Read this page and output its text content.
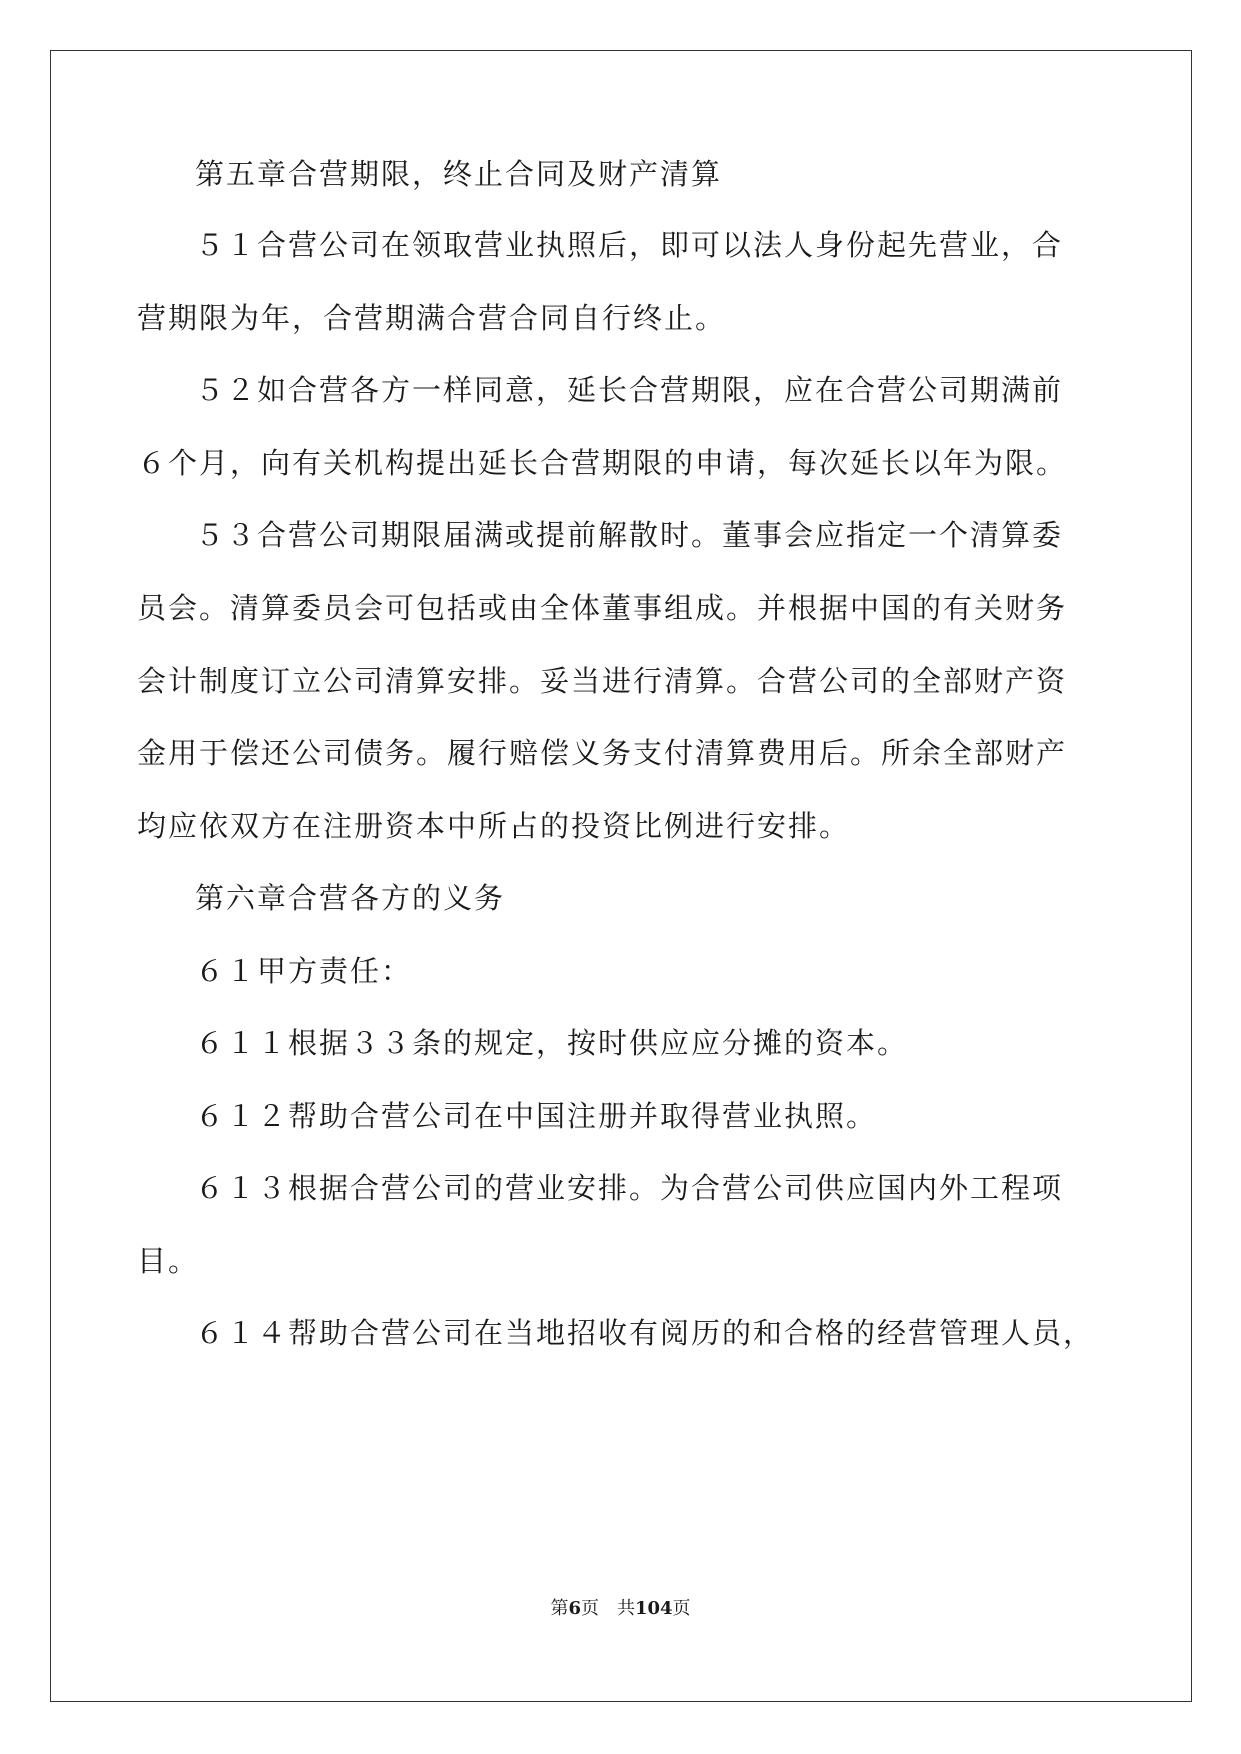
第五章合营期限，终止合同及财产清算
５１合营公司在领取营业执照后，即可以法人身份起先营业，合
营期限为年，合营期满合营合同自行终止。
５２如合营各方一样同意，延长合营期限，应在合营公司期满前
６个月，向有关机构提出延长合营期限的申请，每次延长以年为限。
５３合营公司期限届满或提前解散时。董事会应指定一个清算委
员会。清算委员会可包括或由全体董事组成。并根据中国的有关财务
会计制度订立公司清算安排。妥当进行清算。合营公司的全部财产资
金用于偿还公司债务。履行赔偿义务支付清算费用后。所余全部财产
均应依双方在注册资本中所占的投资比例进行安排。
第六章合营各方的义务
６１甲方责任：
６１１根据３３条的规定，按时供应应分摊的资本。
６１２帮助合营公司在中国注册并取得营业执照。
６１３根据合营公司的营业安排。为合营公司供应国内外工程项
目。
６１４帮助合营公司在当地招收有阅历的和合格的经营管理人员，
第6页 共104页
